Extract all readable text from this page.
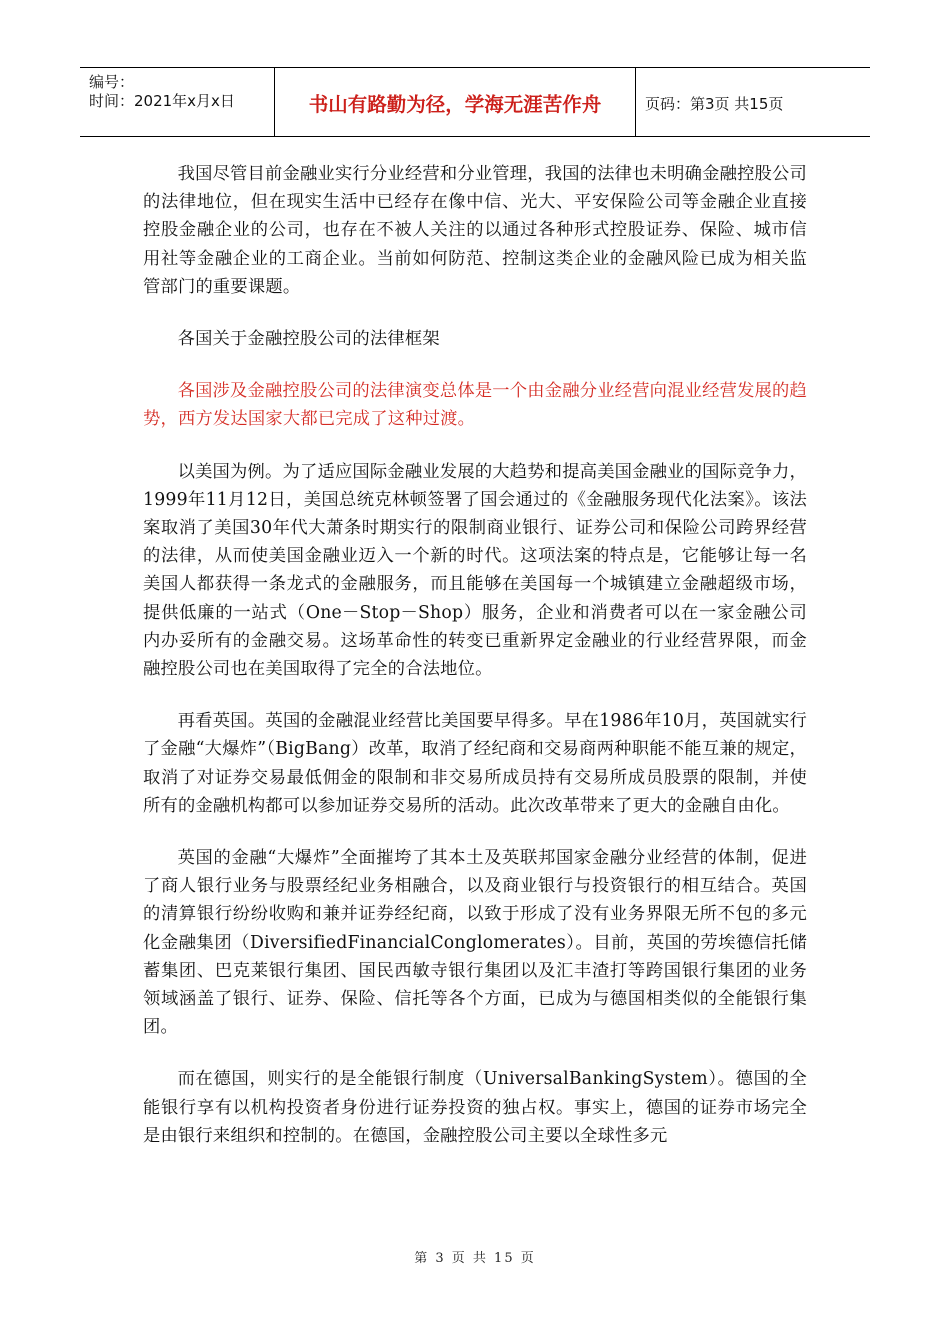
编号：
时间：2021年x月x日	书山有路勤为径，学海无涯苦作舟	页码：第3页 共15页

我国尽管目前金融业实行分业经营和分业管理，我国的法律也未明确金融控股公司的法律地位，但在现实生活中已经存在像中信、光大、平安保险公司等金融企业直接控股金融企业的公司，也存在不被人关注的以通过各种形式控股证券、保险、城市信用社等金融企业的工商企业。当前如何防范、控制这类企业的金融风险已成为相关监管部门的重要课题。

各国关于金融控股公司的法律框架

各国涉及金融控股公司的法律演变总体是一个由金融分业经营向混业经营发展的趋势，西方发达国家大都已完成了这种过渡。

以美国为例。为了适应国际金融业发展的大趋势和提高美国金融业的国际竞争力，1999年11月12日，美国总统克林顿签署了国会通过的《金融服务现代化法案》。该法案取消了美国30年代大萧条时期实行的限制商业银行、证券公司和保险公司跨界经营的法律，从而使美国金融业迈入一个新的时代。这项法案的特点是，它能够让每一名美国人都获得一条龙式的金融服务，而且能够在美国每一个城镇建立金融超级市场，提供低廉的一站式（One－Stop－Shop）服务，企业和消费者可以在一家金融公司内办妥所有的金融交易。这场革命性的转变已重新界定金融业的行业经营界限，而金融控股公司也在美国取得了完全的合法地位。

再看英国。英国的金融混业经营比美国要早得多。早在1986年10月，英国就实行了金融“大爆炸”（BigBang）改革，取消了经纪商和交易商两种职能不能互兼的规定，取消了对证券交易最低佣金的限制和非交易所成员持有交易所成员股票的限制，并使所有的金融机构都可以参加证券交易所的活动。此次改革带来了更大的金融自由化。

英国的金融“大爆炸”全面摧垮了其本土及英联邦国家金融分业经营的体制，促进了商人银行业务与股票经纪业务相融合，以及商业银行与投资银行的相互结合。英国的清算银行纷纷收购和兼并证券经纪商，以致于形成了没有业务界限无所不包的多元化金融集团（DiversifiedFinancialConglomerates）。目前，英国的劳埃德信托储蓄集团、巴克莱银行集团、国民西敏寺银行集团以及汇丰渣打等跨国银行集团的业务领域涵盖了银行、证券、保险、信托等各个方面，已成为与德国相类似的全能银行集团。

而在德国，则实行的是全能银行制度（UniversalBankingSystem）。德国的全能银行享有以机构投资者身份进行证券投资的独占权。事实上，德国的证券市场完全是由银行来组织和控制的。在德国，金融控股公司主要以全球性多元

第 3 页 共 15 页
